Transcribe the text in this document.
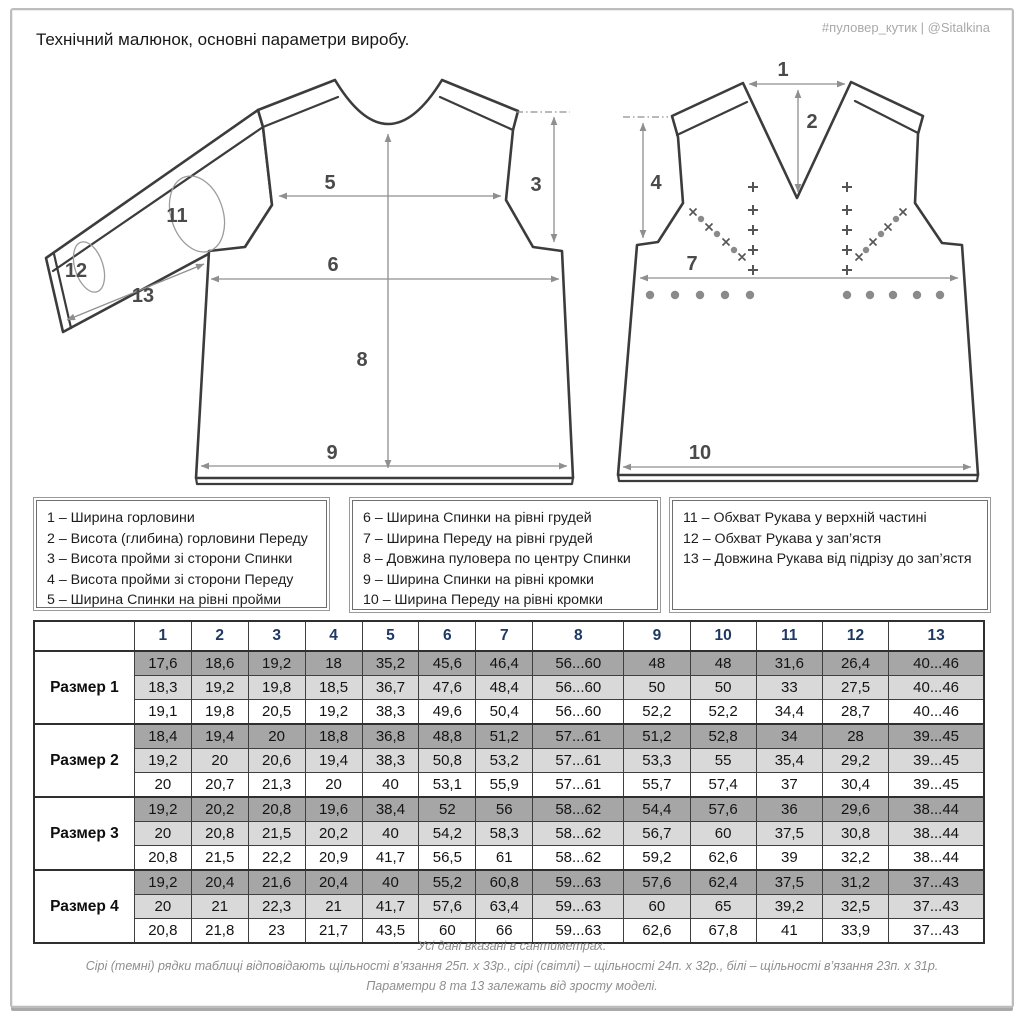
Технічний малюнок, основні параметри виробу.
#пуловер_кутик | @Sitalkina
5	3
6
8
9
11
12
13
1
2
4
7
10
1 – Ширина горловини
2 – Висота (глибина) горловини Переду
3 – Висота пройми зі сторони Спинки
4 – Висота пройми зі сторони Переду
5 – Ширина Спинки на рівні пройми
6 – Ширина Спинки на рівні грудей
7 – Ширина Переду на рівні грудей
8 – Довжина пуловера по центру Спинки
9 – Ширина Спинки на рівні кромки
10 – Ширина Переду на рівні кромки
11 – Обхват Рукава у верхній частині
12 – Обхват Рукава у зап’ястя
13 – Довжина Рукава від підрізу до зап’ястя
	1	2	3	4	5	6	7	8	9	10	11	12	13
Размер 1	17,6	18,6	19,2	18	35,2	45,6	46,4	56...60	48	48	31,6	26,4	40...46
	18,3	19,2	19,8	18,5	36,7	47,6	48,4	56...60	50	50	33	27,5	40...46
	19,1	19,8	20,5	19,2	38,3	49,6	50,4	56...60	52,2	52,2	34,4	28,7	40...46
Размер 2	18,4	19,4	20	18,8	36,8	48,8	51,2	57...61	51,2	52,8	34	28	39...45
	19,2	20	20,6	19,4	38,3	50,8	53,2	57...61	53,3	55	35,4	29,2	39...45
	20	20,7	21,3	20	40	53,1	55,9	57...61	55,7	57,4	37	30,4	39...45
Размер 3	19,2	20,2	20,8	19,6	38,4	52	56	58...62	54,4	57,6	36	29,6	38...44
	20	20,8	21,5	20,2	40	54,2	58,3	58...62	56,7	60	37,5	30,8	38...44
	20,8	21,5	22,2	20,9	41,7	56,5	61	58...62	59,2	62,6	39	32,2	38...44
Размер 4	19,2	20,4	21,6	20,4	40	55,2	60,8	59...63	57,6	62,4	37,5	31,2	37...43
	20	21	22,3	21	41,7	57,6	63,4	59...63	60	65	39,2	32,5	37...43
	20,8	21,8	23	21,7	43,5	60	66	59...63	62,6	67,8	41	33,9	37...43
Усі дані вказані в сантиметрах.
Сірі (темні) рядки таблиці відповідають щільності в’язання 25п. х 33р., сірі (світлі) – щільності 24п. х 32р., білі – щільності в’язання 23п. х 31р.
Параметри 8 та 13 залежать від зросту моделі.
